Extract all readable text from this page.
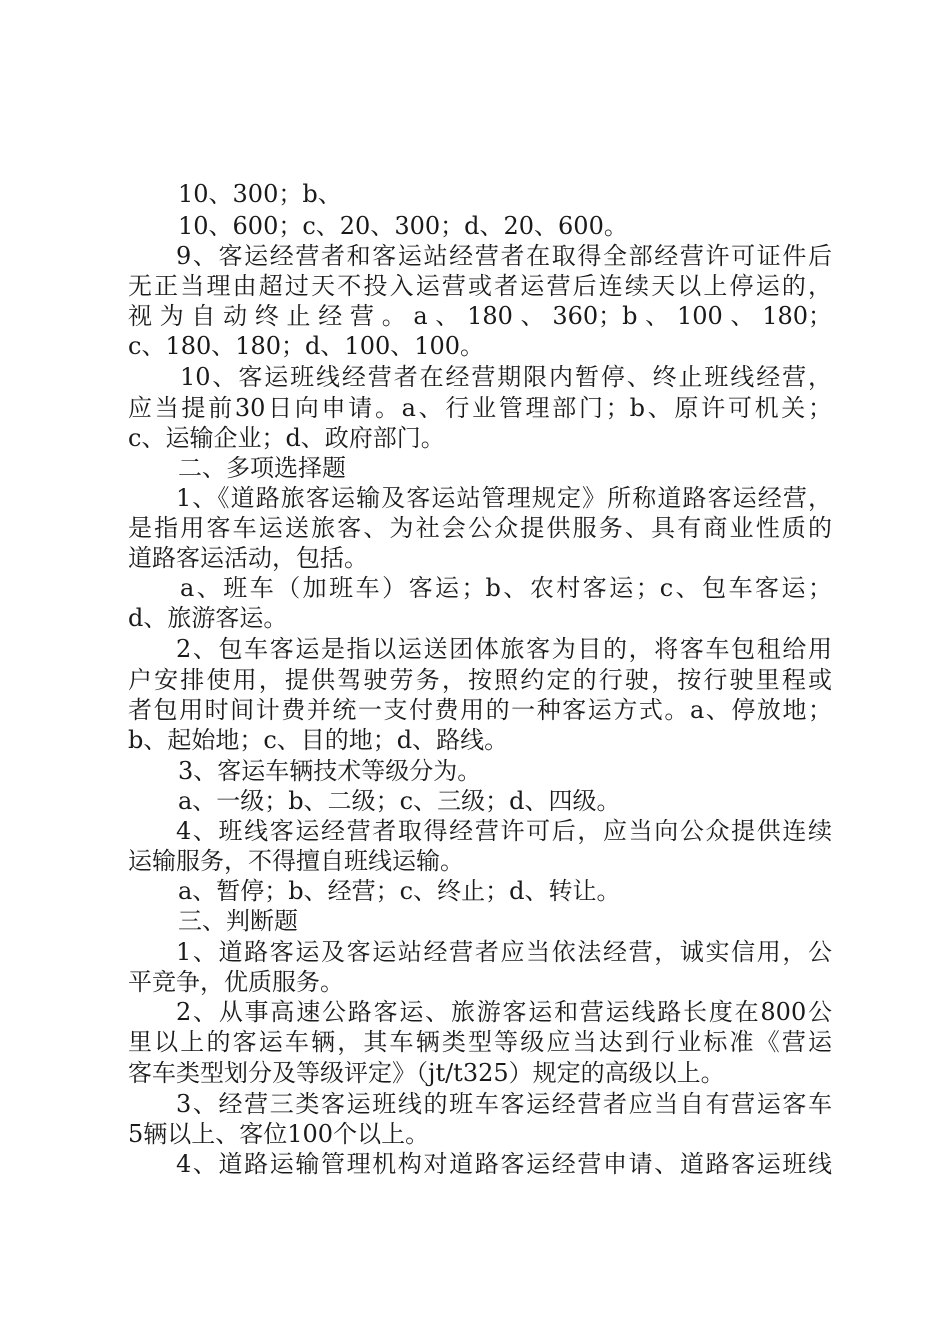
10、300；b、
10、600；c、20、300；d、20、600。
9、客运经营者和客运站经营者在取得全部经营许可证件后
无正当理由超过天不投入运营或者运营后连续天以上停运的，
视为自动终止经营。a、180、360；b、100、180；
c、180、180；d、100、100。
10、客运班线经营者在经营期限内暂停、终止班线经营，
应当提前30日向申请。a、行业管理部门；b、原许可机关；
c、运输企业；d、政府部门。
二、多项选择题
1、《道路旅客运输及客运站管理规定》所称道路客运经营，
是指用客车运送旅客、为社会公众提供服务、具有商业性质的
道路客运活动，包括。
a、班车（加班车）客运；b、农村客运；c、包车客运；
d、旅游客运。
2、包车客运是指以运送团体旅客为目的，将客车包租给用
户安排使用，提供驾驶劳务，按照约定的行驶，按行驶里程或
者包用时间计费并统一支付费用的一种客运方式。a、停放地；
b、起始地；c、目的地；d、路线。
3、客运车辆技术等级分为。
a、一级；b、二级；c、三级；d、四级。
4、班线客运经营者取得经营许可后，应当向公众提供连续
运输服务，不得擅自班线运输。
a、暂停；b、经营；c、终止；d、转让。
三、判断题
1、道路客运及客运站经营者应当依法经营，诚实信用，公
平竞争，优质服务。
2、从事高速公路客运、旅游客运和营运线路长度在800公
里以上的客运车辆，其车辆类型等级应当达到行业标准《营运
客车类型划分及等级评定》（jt/t325）规定的高级以上。
3、经营三类客运班线的班车客运经营者应当自有营运客车
5辆以上、客位100个以上。
4、道路运输管理机构对道路客运经营申请、道路客运班线
